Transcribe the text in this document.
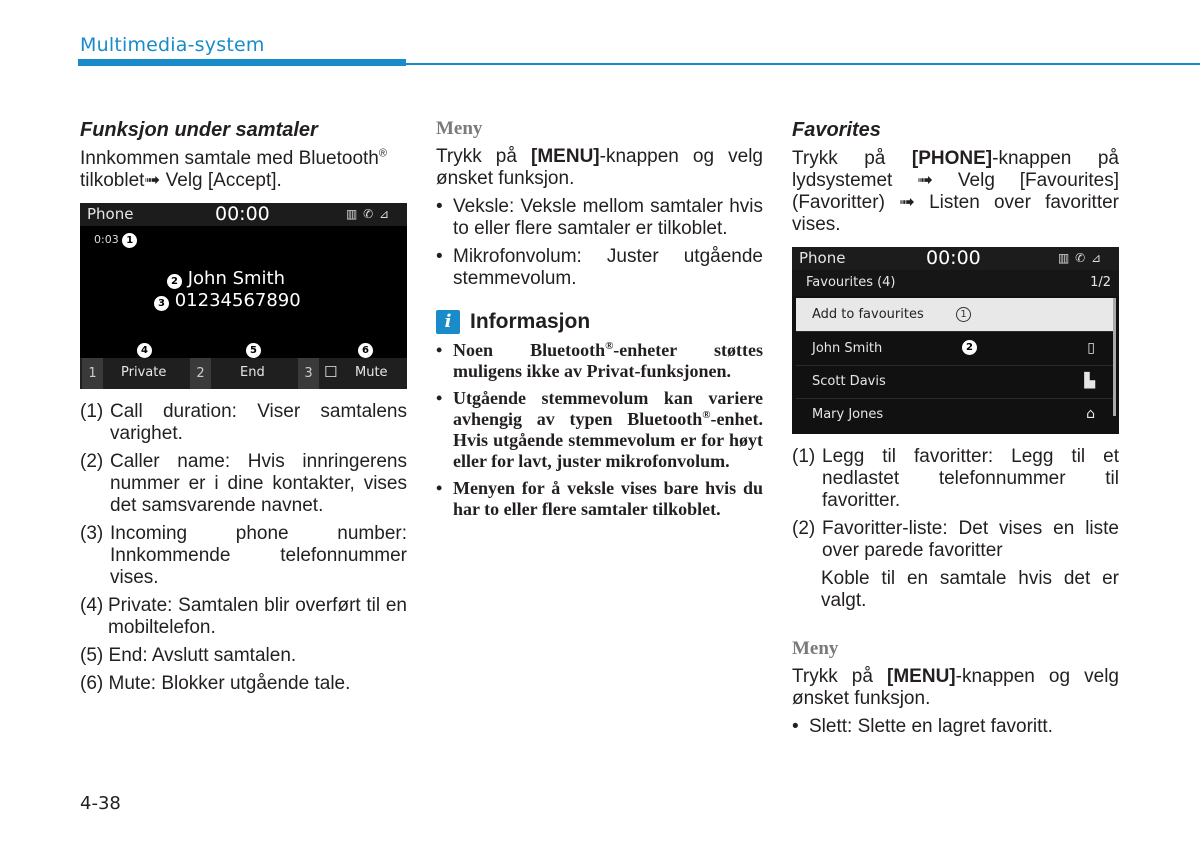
Multimedia-system
Funksjon under samtaler

Innkommen samtale med Bluetooth®
tilkoblet➟ Velg [Accept].

Phone	00:00	▥ ✆ ⊿
0:03 1
2 John Smith
3 01234567890
4	5	6
1	Private	2	End	3 ☐ Mute
(1) Call duration: Viser samtalens varighet.
(2) Caller name: Hvis innringerens nummer er i dine kontakter, vises det samsvarende navnet.
(3) Incoming phone number: Innkommende telefonnummer vises.
(4) Private: Samtalen blir overført til en mobiltelefon.
(5) End: Avslutt samtalen.
(6) Mute: Blokker utgående tale.
Meny

Trykk på [MENU]-knappen og velg ønsket funksjon.

• Veksle: Veksle mellom samtaler hvis to eller flere samtaler er tilkoblet.
• Mikrofonvolum: Juster utgående stemmevolum.
i Informasjon
• Noen Bluetooth®-enheter støttes muligens ikke av Privat-funksjonen.
• Utgående stemmevolum kan variere avhengig av typen Bluetooth®-enhet. Hvis utgående stemmevolum er for høyt eller for lavt, juster mikrofonvolum.
• Menyen for å veksle vises bare hvis du har to eller flere samtaler tilkoblet.
Favorites

Trykk på [PHONE]-knappen på lydsystemet ➟ Velg [Favourites] (Favoritter) ➟ Listen over favoritter vises.

Phone	00:00	▥ ✆ ⊿
Favourites (4)	1/2
Add to favourites	1
John Smith	2	▯
Scott Davis	▙
Mary Jones	⌂
(1) Legg til favoritter: Legg til et nedlastet telefonnummer til favoritter.
(2) Favoritter-liste: Det vises en liste over parede favoritter

Koble til en samtale hvis det er valgt.

Meny

Trykk på [MENU]-knappen og velg ønsket funksjon.

• Slett: Slette en lagret favoritt.
4-38
